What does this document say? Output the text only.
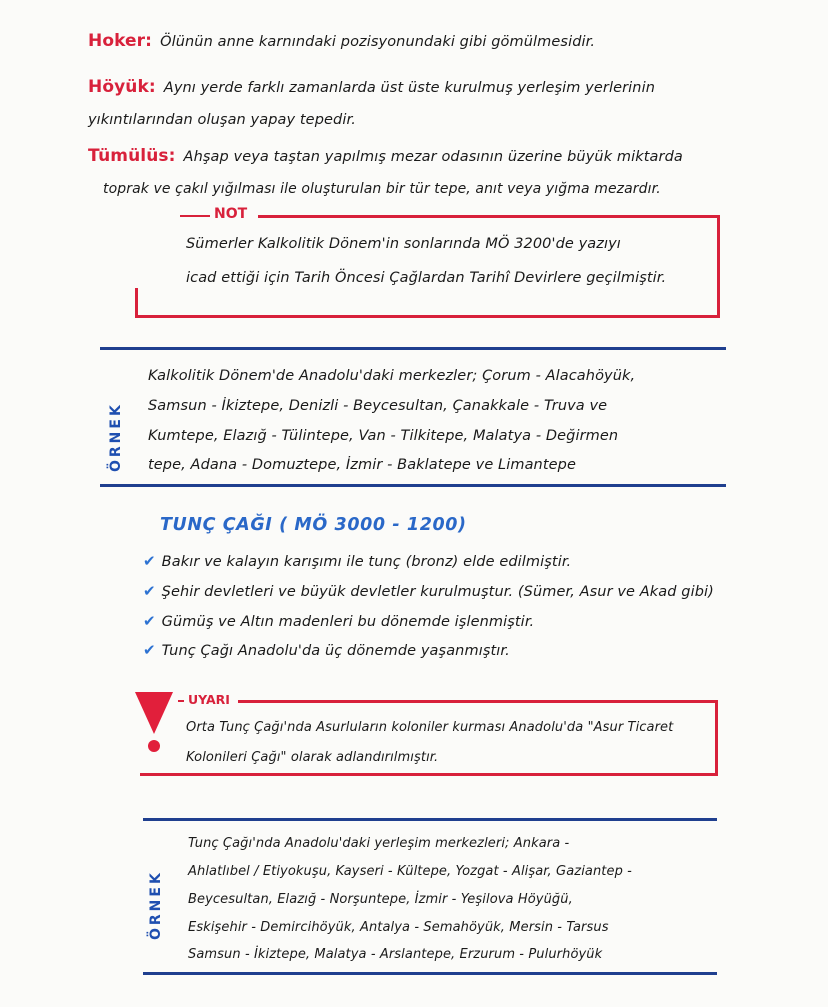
Hoker: Ölünün anne karnındaki pozisyonundaki gibi gömülmesidir.
Höyük: Aynı yerde farklı zamanlarda üst üste kurulmuş yerleşim yerlerinin
yıkıntılarından oluşan yapay tepedir.
Tümülüs: Ahşap veya taştan yapılmış mezar odasının üzerine büyük miktarda
toprak ve çakıl yığılması ile oluşturulan bir tür tepe, anıt veya yığma mezardır.
NOT
Sümerler Kalkolitik Dönem'in sonlarında MÖ 3200'de yazıyı
icad ettiği için Tarih Öncesi Çağlardan Tarihî Devirlere geçilmiştir.
ÖRNEK
Kalkolitik Dönem'de Anadolu'daki merkezler; Çorum - Alacahöyük,
Samsun - İkiztepe, Denizli - Beycesultan, Çanakkale - Truva ve
Kumtepe, Elazığ - Tülintepe, Van - Tilkitepe, Malatya - Değirmen
tepe, Adana - Domuztepe, İzmir - Baklatepe ve Limantepe
TUNÇ ÇAĞI ( MÖ 3000 - 1200)
✔ Bakır ve kalayın karışımı ile tunç (bronz) elde edilmiştir.
✔ Şehir devletleri ve büyük devletler kurulmuştur. (Sümer, Asur ve Akad gibi)
✔ Gümüş ve Altın madenleri bu dönemde işlenmiştir.
✔ Tunç Çağı Anadolu'da üç dönemde yaşanmıştır.
UYARI
Orta Tunç Çağı'nda Asurluların koloniler kurması Anadolu'da "Asur Ticaret
Kolonileri Çağı" olarak adlandırılmıştır.
ÖRNEK
Tunç Çağı'nda Anadolu'daki yerleşim merkezleri; Ankara -
Ahlatlıbel / Etiyokuşu, Kayseri - Kültepe, Yozgat - Alişar, Gaziantep -
Beycesultan, Elazığ - Norşuntepe, İzmir - Yeşilova Höyüğü,
Eskişehir - Demircihöyük, Antalya - Semahöyük, Mersin - Tarsus
Samsun - İkiztepe, Malatya - Arslantepe, Erzurum - Pulurhöyük
